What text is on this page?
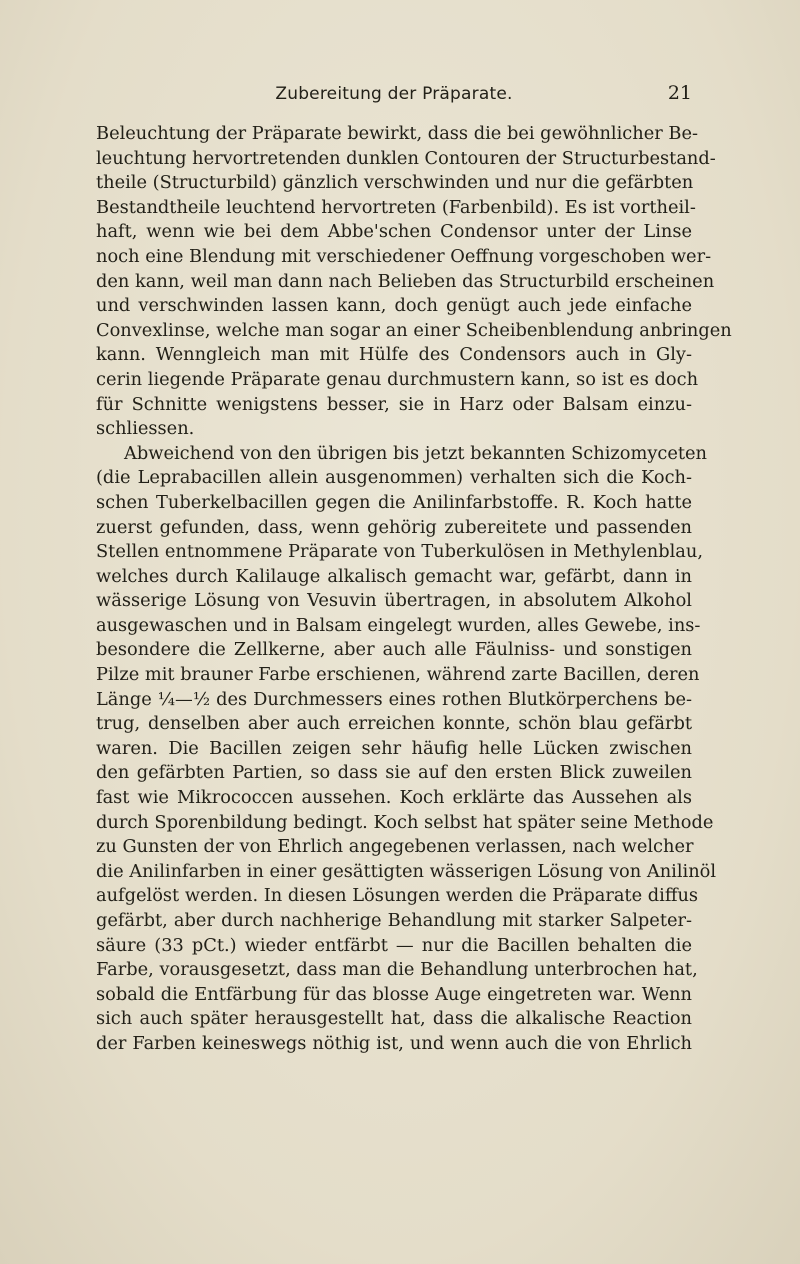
Zubereitung der Präparate.	21
Beleuchtung der Präparate bewirkt, dass die bei gewöhnlicher Be-
leuchtung hervortretenden dunklen Contouren der Structurbestand-
theile (Structurbild) gänzlich verschwinden und nur die gefärbten
Bestandtheile leuchtend hervortreten (Farbenbild). Es ist vortheil-
haft, wenn wie bei dem Abbe'schen Condensor unter der Linse
noch eine Blendung mit verschiedener Oeffnung vorgeschoben wer-
den kann, weil man dann nach Belieben das Structurbild erscheinen
und verschwinden lassen kann, doch genügt auch jede einfache
Convexlinse, welche man sogar an einer Scheibenblendung anbringen
kann. Wenngleich man mit Hülfe des Condensors auch in Gly-
cerin liegende Präparate genau durchmustern kann, so ist es doch
für Schnitte wenigstens besser, sie in Harz oder Balsam einzu-
schliessen.
Abweichend von den übrigen bis jetzt bekannten Schizomyceten
(die Leprabacillen allein ausgenommen) verhalten sich die Koch-
schen Tuberkelbacillen gegen die Anilinfarbstoffe. R. Koch hatte
zuerst gefunden, dass, wenn gehörig zubereitete und passenden
Stellen entnommene Präparate von Tuberkulösen in Methylenblau,
welches durch Kalilauge alkalisch gemacht war, gefärbt, dann in
wässerige Lösung von Vesuvin übertragen, in absolutem Alkohol
ausgewaschen und in Balsam eingelegt wurden, alles Gewebe, ins-
besondere die Zellkerne, aber auch alle Fäulniss- und sonstigen
Pilze mit brauner Farbe erschienen, während zarte Bacillen, deren
Länge ¼—½ des Durchmessers eines rothen Blutkörperchens be-
trug, denselben aber auch erreichen konnte, schön blau gefärbt
waren. Die Bacillen zeigen sehr häufig helle Lücken zwischen
den gefärbten Partien, so dass sie auf den ersten Blick zuweilen
fast wie Mikrococcen aussehen. Koch erklärte das Aussehen als
durch Sporenbildung bedingt. Koch selbst hat später seine Methode
zu Gunsten der von Ehrlich angegebenen verlassen, nach welcher
die Anilinfarben in einer gesättigten wässerigen Lösung von Anilinöl
aufgelöst werden. In diesen Lösungen werden die Präparate diffus
gefärbt, aber durch nachherige Behandlung mit starker Salpeter-
säure (33 pCt.) wieder entfärbt — nur die Bacillen behalten die
Farbe, vorausgesetzt, dass man die Behandlung unterbrochen hat,
sobald die Entfärbung für das blosse Auge eingetreten war. Wenn
sich auch später herausgestellt hat, dass die alkalische Reaction
der Farben keineswegs nöthig ist, und wenn auch die von Ehrlich
